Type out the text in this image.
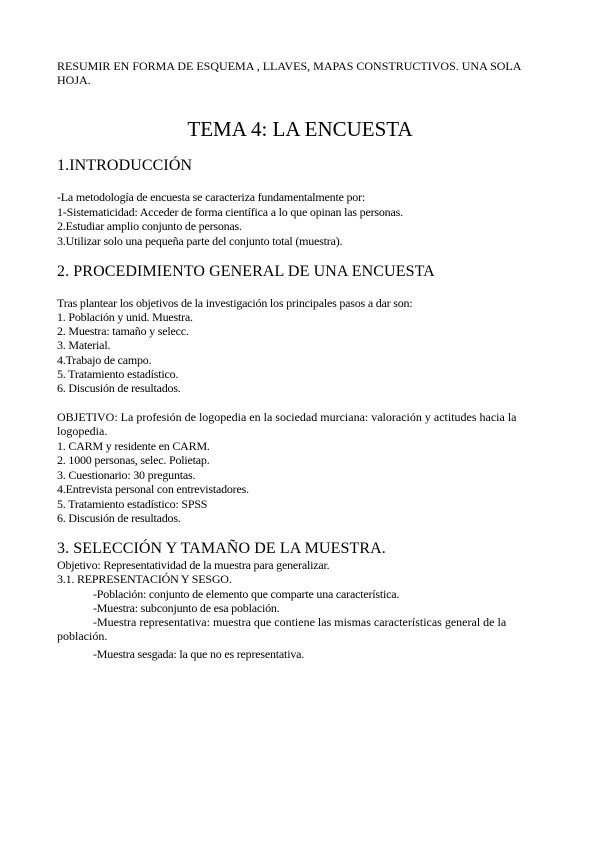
RESUMIR EN FORMA DE ESQUEMA , LLAVES, MAPAS CONSTRUCTIVOS. UNA SOLA HOJA.
TEMA 4: LA ENCUESTA
1.INTRODUCCIÓN
-La metodología de encuesta se caracteriza fundamentalmente por:
1-Sistematicidad: Acceder de forma científica a lo que opinan las personas.
2.Estudiar amplio conjunto de personas.
3.Utilizar solo una pequeña parte del conjunto total (muestra).
2. PROCEDIMIENTO GENERAL DE UNA ENCUESTA
Tras plantear los objetivos de la investigación los principales pasos a dar son:
1. Población y unid. Muestra.
2. Muestra: tamaño y selecc.
3. Material.
4.Trabajo de campo.
5. Tratamiento estadístico.
6. Discusión de resultados.
OBJETIVO: La profesión de logopedia en la sociedad murciana: valoración y actitudes hacia la logopedia.
1. CARM y residente en CARM.
2. 1000 personas, selec. Polietap.
3. Cuestionario: 30 preguntas.
4.Entrevista personal con entrevistadores.
5. Tratamiento estadístico: SPSS
6. Discusión de resultados.
3. SELECCIÓN Y TAMAÑO DE LA MUESTRA.
Objetivo: Representatividad de la muestra para generalizar.
3.1. REPRESENTACIÓN Y SESGO.
-Población: conjunto de elemento que comparte una característica.
-Muestra: subconjunto de esa población.
-Muestra representativa: muestra que contiene las mismas características general de la población.
-Muestra sesgada: la que no es representativa.
